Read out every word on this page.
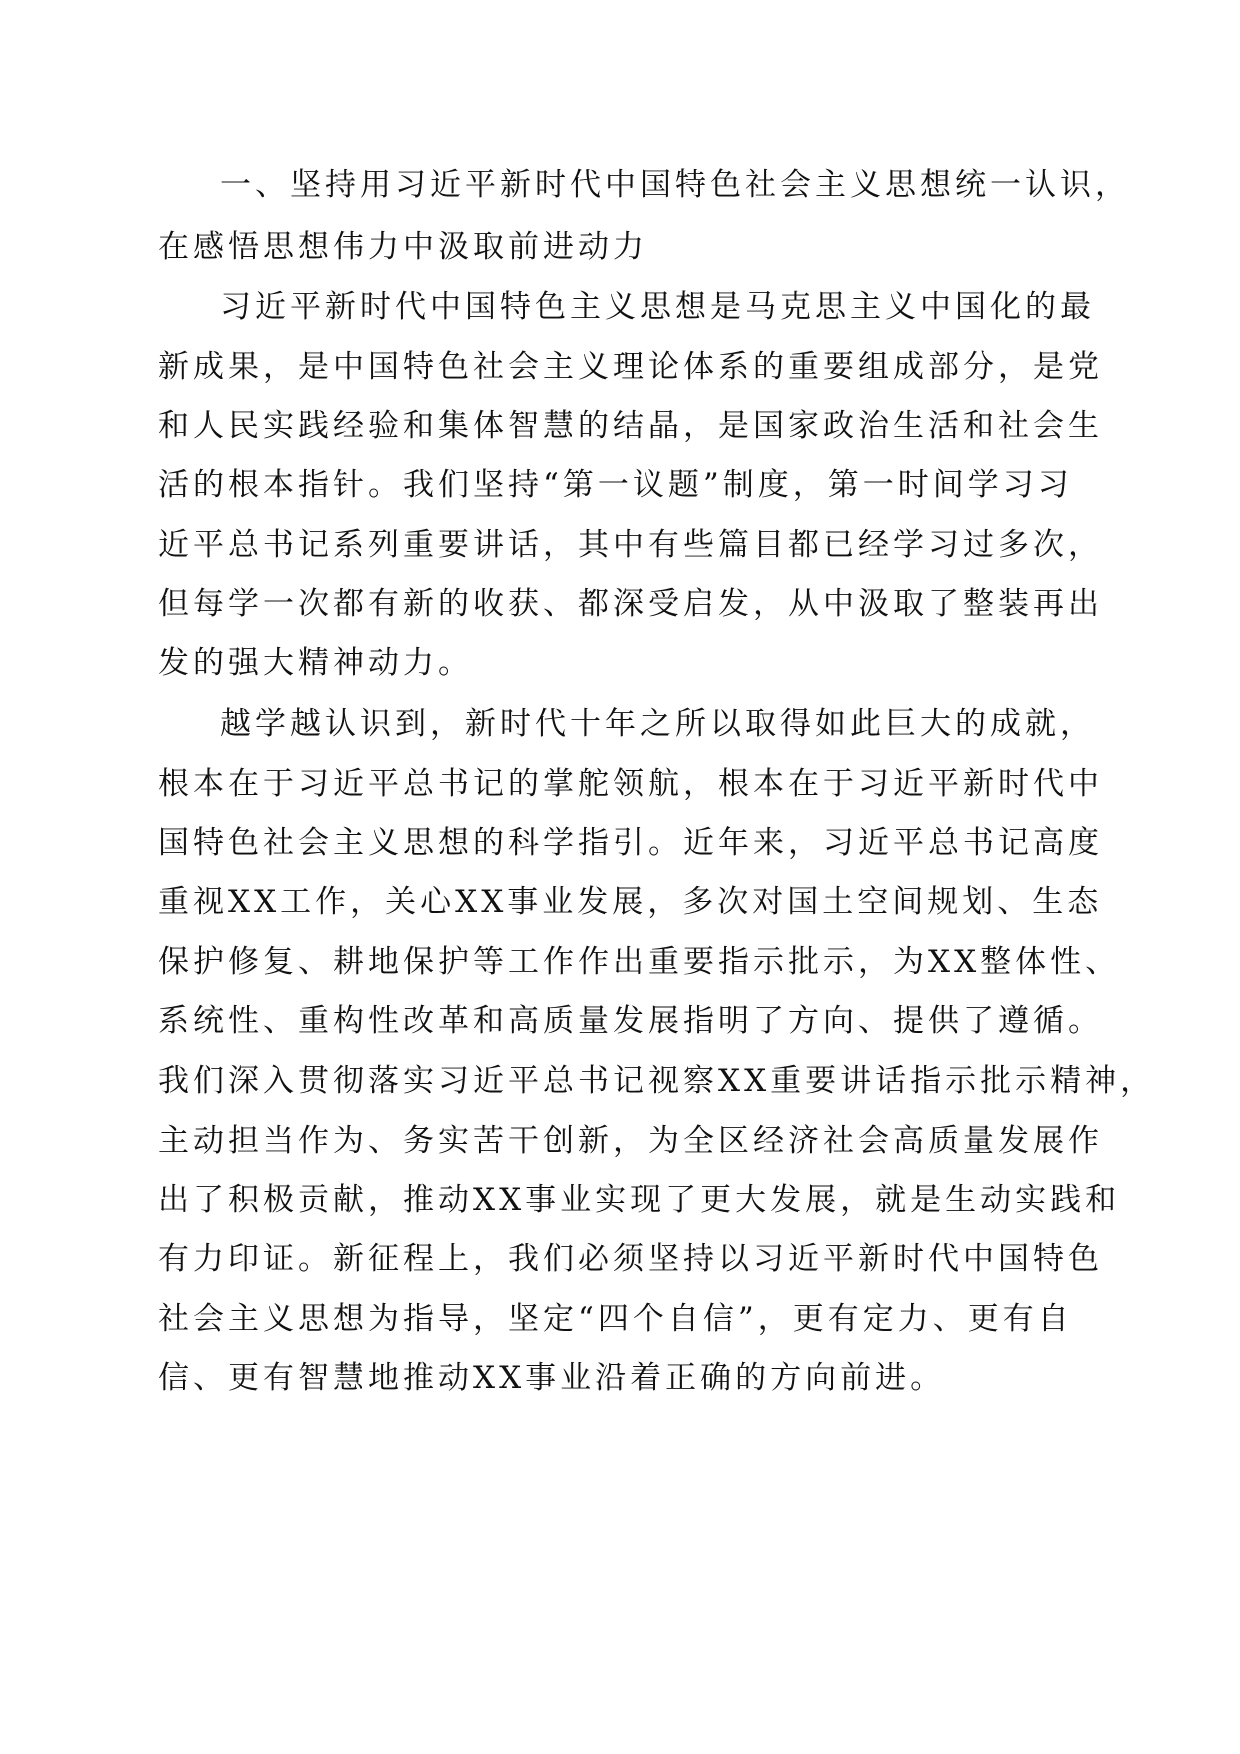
一、坚持用习近平新时代中国特色社会主义思想统一认识，

在感悟思想伟力中汲取前进动力

习近平新时代中国特色主义思想是马克思主义中国化的最

新成果，是中国特色社会主义理论体系的重要组成部分，是党

和人民实践经验和集体智慧的结晶，是国家政治生活和社会生

活的根本指针。我们坚持“第一议题”制度，第一时间学习习

近平总书记系列重要讲话，其中有些篇目都已经学习过多次，

但每学一次都有新的收获、都深受启发，从中汲取了整装再出

发的强大精神动力。

越学越认识到，新时代十年之所以取得如此巨大的成就，

根本在于习近平总书记的掌舵领航，根本在于习近平新时代中

国特色社会主义思想的科学指引。近年来，习近平总书记高度

重视XX工作，关心XX事业发展，多次对国土空间规划、生态

保护修复、耕地保护等工作作出重要指示批示，为XX整体性、

系统性、重构性改革和高质量发展指明了方向、提供了遵循。

我们深入贯彻落实习近平总书记视察XX重要讲话指示批示精神，

主动担当作为、务实苦干创新，为全区经济社会高质量发展作

出了积极贡献，推动XX事业实现了更大发展，就是生动实践和

有力印证。新征程上，我们必须坚持以习近平新时代中国特色

社会主义思想为指导，坚定“四个自信”，更有定力、更有自

信、更有智慧地推动XX事业沿着正确的方向前进。
